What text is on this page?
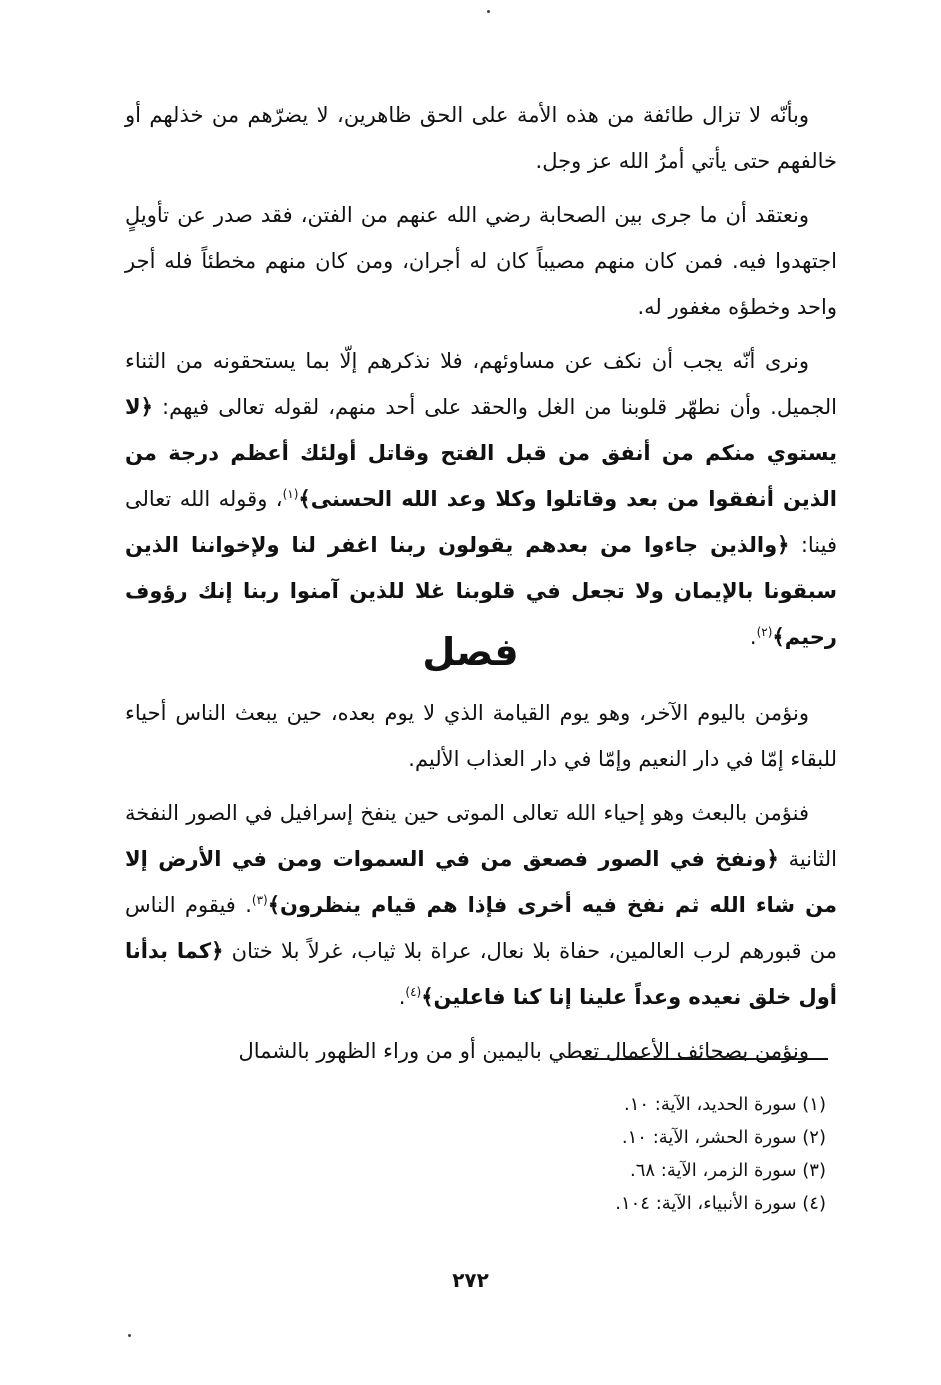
وبأنّه لا تزال طائفة من هذه الأمة على الحق ظاهرين، لا يضرّهم من خذلهم أو خالفهم حتى يأتي أمرُ الله عز وجل.

ونعتقد أن ما جرى بين الصحابة رضي الله عنهم من الفتن، فقد صدر عن تأويلٍ اجتهدوا فيه. فمن كان منهم مصيباً كان له أجران، ومن كان منهم مخطئاً فله أجر واحد وخطؤه مغفور له.

ونرى أنّه يجب أن نكف عن مساوئهم، فلا نذكرهم إلّا بما يستحقونه من الثناء الجميل. وأن نطهّر قلوبنا من الغل والحقد على أحد منهم، لقوله تعالى فيهم: ﴿لا يستوي منكم من أنفق من قبل الفتح وقاتل أولئك أعظم درجة من الذين أنفقوا من بعد وقاتلوا وكلا وعد الله الحسنى﴾$^{(١)}$، وقوله الله تعالى فينا: ﴿والذين جاءوا من بعدهم يقولون ربنا اغفر لنا ولإخواننا الذين سبقونا بالإيمان ولا تجعل في قلوبنا غلا للذين آمنوا ربنا إنك رؤوف رحيم﴾$^{(٢)}$.

فصل

ونؤمن باليوم الآخر، وهو يوم القيامة الذي لا يوم بعده، حين يبعث الناس أحياء للبقاء إمّا في دار النعيم وإمّا في دار العذاب الأليم.

فنؤمن بالبعث وهو إحياء الله تعالى الموتى حين ينفخ إسرافيل في الصور النفخة الثانية ﴿ونفخ في الصور فصعق من في السموات ومن في الأرض إلا من شاء الله ثم نفخ فيه أخرى فإذا هم قيام ينظرون﴾$^{(٣)}$. فيقوم الناس من قبورهم لرب العالمين، حفاة بلا نعال، عراة بلا ثياب، غرلاً بلا ختان ﴿كما بدأنا أول خلق نعيده وعداً علينا إنا كنا فاعلين﴾$^{(٤)}$.

ونؤمن بصحائف الأعمال تعطي باليمين أو من وراء الظهور بالشمال

(١) سورة الحديد، الآية: ١٠.

(٢) سورة الحشر، الآية: ١٠.

(٣) سورة الزمر، الآية: ٦٨.

(٤) سورة الأنبياء، الآية: ١٠٤.

٢٧٢
